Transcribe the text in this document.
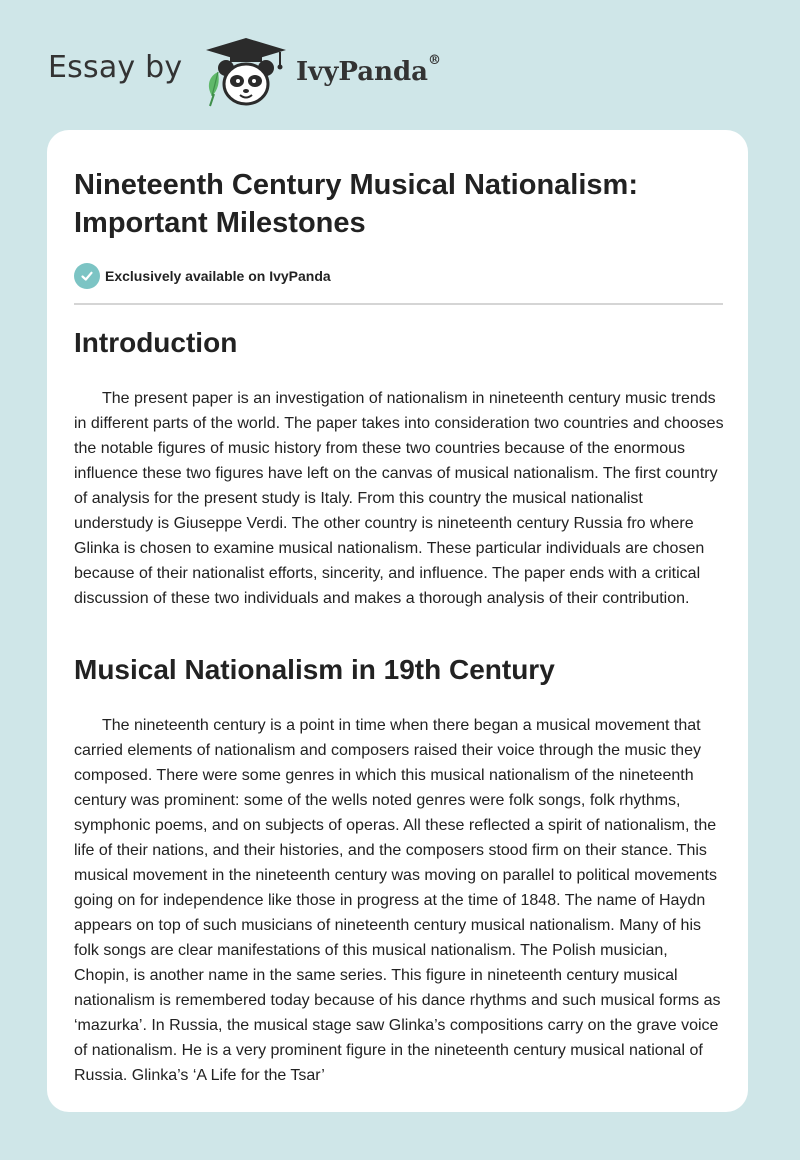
Essay by	IvyPanda®
Nineteenth Century Musical Nationalism: Important Milestones
Exclusively available on IvyPanda
Introduction

The present paper is an investigation of nationalism in nineteenth century music trends in different parts of the world. The paper takes into consideration two countries and chooses the notable figures of music history from these two countries because of the enormous influence these two figures have left on the canvas of musical nationalism. The first country of analysis for the present study is Italy. From this country the musical nationalist understudy is Giuseppe Verdi. The other country is nineteenth century Russia fro where Glinka is chosen to examine musical nationalism. These particular individuals are chosen because of their nationalist efforts, sincerity, and influence. The paper ends with a critical discussion of these two individuals and makes a thorough analysis of their contribution.

Musical Nationalism in 19th Century

The nineteenth century is a point in time when there began a musical movement that carried elements of nationalism and composers raised their voice through the music they composed. There were some genres in which this musical nationalism of the nineteenth century was prominent: some of the wells noted genres were folk songs, folk rhythms, symphonic poems, and on subjects of operas. All these reflected a spirit of nationalism, the life of their nations, and their histories, and the composers stood firm on their stance. This musical movement in the nineteenth century was moving on parallel to political movements going on for independence like those in progress at the time of 1848. The name of Haydn appears on top of such musicians of nineteenth century musical nationalism. Many of his folk songs are clear manifestations of this musical nationalism. The Polish musician, Chopin, is another name in the same series. This figure in nineteenth century musical nationalism is remembered today because of his dance rhythms and such musical forms as ‘mazurka’. In Russia, the musical stage saw Glinka’s compositions carry on the grave voice of nationalism. He is a very prominent figure in the nineteenth century musical national of Russia. Glinka’s ‘A Life for the Tsar’
